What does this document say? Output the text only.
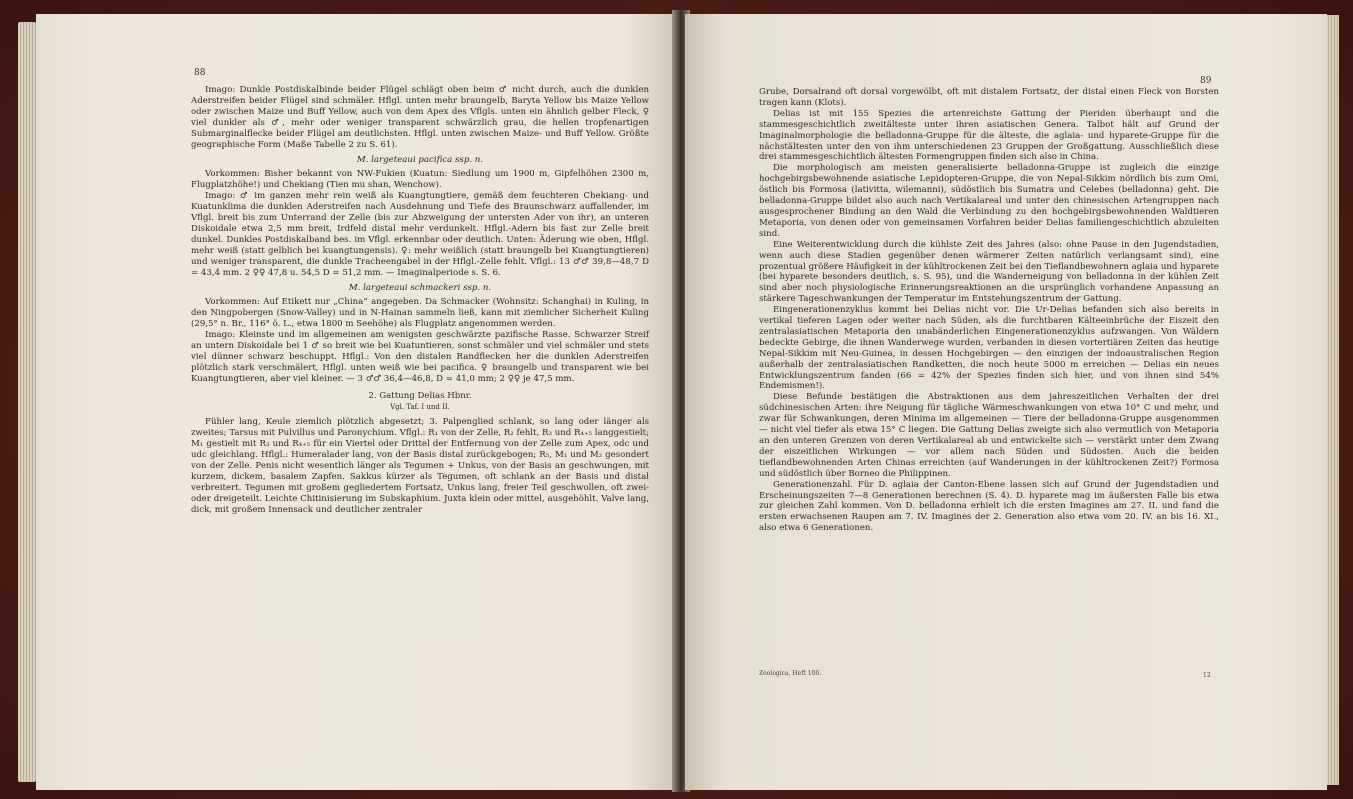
88

Imago: Dunkle Postdiskalbinde beider Flügel schlägt oben beim ♂ nicht durch, auch die dunklen Aderstreifen beider Flügel sind schmäler. Hflgl. unten mehr braungelb, Baryta Yellow bis Maize Yellow oder zwischen Maize und Buff Yellow, auch von dem Apex des Vflgls. unten ein ähnlich gelber Fleck, ♀ viel dunkler als ♂, mehr oder weniger transparent schwärzlich grau, die hellen tropfenartigen Submarginalflecke beider Flügel am deutlichsten. Hflgl. unten zwischen Maize- und Buff Yellow. Größte geographische Form (Maße Tabelle 2 zu S. 61).

M. largeteaui pacifica ssp. n.

Vorkommen: Bisher bekannt von NW-Fukien (Kuatun: Siedlung um 1900 m, Gipfelhöhen 2300 m, Flugplatzhöhe!) und Chekiang (Tien mu shan, Wenchow).

Imago: ♂ im ganzen mehr rein weiß als Kuangtungtiere, gemäß dem feuchteren Chekiang- und Kuatunklima die dunklen Aderstreifen nach Ausdehnung und Tiefe des Braunschwarz auffallender, im Vflgl. breit bis zum Unterrand der Zelle (bis zur Abzweigung der untersten Ader von ihr), an unteren Diskoidale etwa 2,5 mm breit, Irdfeld distal mehr verdunkelt. Hflgl.-Adern bis fast zur Zelle breit dunkel. Dunkles Postdiskalband bes. im Vflgl. erkennbar oder deutlich. Unten: Äderung wie oben, Hflgl. mehr weiß (statt gelblich bei kuangtungensis). ♀: mehr weißlich (statt braungelb bei Kuangtungtieren) und weniger transparent, die dunkle Tracheengabel in der Hflgl.-Zelle fehlt. Vflgl.: 13 ♂♂ 39,8—48,7 D = 43,4 mm. 2 ♀♀ 47,8 u. 54,5 D = 51,2 mm. — Imaginalperiode s. S. 6.

M. largeteaui schmackeri ssp. n.

Vorkommen: Auf Etikett nur „China“ angegeben. Da Schmacker (Wohnsitz: Schanghai) in Kuling, in den Ningpobergen (Snow-Valley) und in N-Hainan sammeln ließ, kann mit ziemlicher Sicherheit Kuling (29,5° n. Br., 116° ö. L., etwa 1800 m Seehöhe) als Flugplatz angenommen werden.

Imago: Kleinste und im allgemeinen am wenigsten geschwärzte pazifische Rasse. Schwarzer Streif an untern Diskoidale bei 1 ♂ so breit wie bei Kuatuntieren, sonst schmäler und viel schmäler und stets viel dünner schwarz beschuppt. Hflgl.: Von den distalen Randflecken her die dunklen Aderstreifen plötzlich stark verschmälert, Hflgl. unten weiß wie bei pacifica. ♀ braungelb und transparent wie bei Kuangtungtieren, aber viel kleiner. — 3 ♂♂ 36,4—46,8, D = 41,0 mm; 2 ♀♀ je 47,5 mm.

2. Gattung Delias Hbnr.

Vgl. Taf. I und II.

Fühler lang, Keule ziemlich plötzlich abgesetzt; 3. Palpenglied schlank, so lang oder länger als zweites; Tarsus mit Pulvillus und Paronychium. Vflgl.: R₁ von der Zelle, R₂ fehlt, R₃ und R₄₊₅ langgestielt; M₁ gestielt mit R₃ und R₄₊₅ für ein Viertel oder Drittel der Entfernung von der Zelle zum Apex, odc und udc gleichlang. Hflgl.: Humeralader lang, von der Basis distal zurückgebogen; R₅, M₁ und M₂ gesondert von der Zelle. Penis nicht wesentlich länger als Tegumen + Unkus, von der Basis an geschwungen, mit kurzem, dickem, basalem Zapfen. Sakkus kürzer als Tegumen, oft schlank an der Basis und distal verbreitert. Tegumen mit großem gegliedertem Fortsatz, Unkus lang, freier Teil geschwollen, oft zwei- oder dreigeteilt. Leichte Chitinisierung im Subskaphium. Juxta klein oder mittel, ausgehöhlt. Valve lang, dick, mit großem Innensack und deutlicher zentraler

89

Grube, Dorsalrand oft dorsal vorgewölbt, oft mit distalem Fortsatz, der distal einen Fleck von Borsten tragen kann (Klots).

Delias ist mit 155 Spezies die artenreichste Gattung der Pieriden überhaupt und die stammesgeschichtlich zweitälteste unter ihren asiatischen Genera. Talbot hält auf Grund der Imaginalmorphologie die belladonna-Gruppe für die älteste, die aglaia- und hyparete-Gruppe für die nächstältesten unter den von ihm unterschiedenen 23 Gruppen der Großgattung. Ausschließlich diese drei stammesgeschichtlich ältesten Formengruppen finden sich also in China.

Die morphologisch am meisten generalisierte belladonna-Gruppe ist zugleich die einzige hochgebirgsbewohnende asiatische Lepidopteren-Gruppe, die von Nepal-Sikkim nördlich bis zum Omi, östlich bis Formosa (lativitta, wilemanni), südöstlich bis Sumatra und Celebes (belladonna) geht. Die belladonna-Gruppe bildet also auch nach Vertikalareal und unter den chinesischen Artengruppen nach ausgesprochener Bindung an den Wald die Verbindung zu den hochgebirgsbewohnenden Waldtieren Metaporia, von denen oder von gemeinsamen Vorfahren beider Delias familiengeschichtlich abzuleiten sind.

Eine Weiterentwicklung durch die kühlste Zeit des Jahres (also: ohne Pause in den Jugendstadien, wenn auch diese Stadien gegenüber denen wärmerer Zeiten natürlich verlangsamt sind), eine prozentual größere Häufigkeit in der kühltrockenen Zeit bei den Tieflandbewohnern aglaia und hyparete (bei hyparete besonders deutlich, s. S. 95), und die Wanderneigung von belladonna in der kühlen Zeit sind aber noch physiologische Erinnerungsreaktionen an die ursprünglich vorhandene Anpassung an stärkere Tageschwankungen der Temperatur im Entstehungszentrum der Gattung.

Eingenerationenzyklus kommt bei Delias nicht vor. Die Ur-Delias befanden sich also bereits in vertikal tieferen Lagen oder weiter nach Süden, als die furchtbaren Kälteeinbrüche der Eiszeit den zentralasiatischen Metaporia den unabänderlichen Eingenerationenzyklus aufzwangen. Von Wäldern bedeckte Gebirge, die ihnen Wanderwege wurden, verbanden in diesen vortertiären Zeiten das heutige Nepal-Sikkim mit Neu-Guinea, in dessen Hochgebirgen — den einzigen der indoaustralischen Region außerhalb der zentralasiatischen Randketten, die noch heute 5000 m erreichen — Delias ein neues Entwicklungszentrum fanden (66 = 42% der Spezies finden sich hier, und von ihnen sind 54% Endemismen!).

Diese Befunde bestätigen die Abstraktionen aus dem jahreszeitlichen Verhalten der drei südchinesischen Arten: ihre Neigung für tägliche Wärmeschwankungen von etwa 10° C und mehr, und zwar für Schwankungen, deren Minima im allgemeinen — Tiere der belladonna-Gruppe ausgenommen — nicht viel tiefer als etwa 15° C liegen. Die Gattung Delias zweigte sich also vermutlich von Metaporia an den unteren Grenzen von deren Vertikalareal ab und entwickelte sich — verstärkt unter dem Zwang der eiszeitlichen Wirkungen — vor allem nach Süden und Südosten. Auch die beiden tieflandbewohnenden Arten Chinas erreichten (auf Wanderungen in der kühltrockenen Zeit?) Formosa und südöstlich über Borneo die Philippinen.

Generationenzahl. Für D. aglaia der Canton-Ebene lassen sich auf Grund der Jugendstadien und Erscheinungszeiten 7—8 Generationen berechnen (S. 4). D. hyparete mag im äußersten Falle bis etwa zur gleichen Zahl kommen. Von D. belladonna erhielt ich die ersten Imagines am 27. II. und fand die ersten erwachsenen Raupen am 7. IV. Imagines der 2. Generation also etwa vom 20. IV. an bis 16. XI., also etwa 6 Generationen.

Zoologica, Heft 106.	12
